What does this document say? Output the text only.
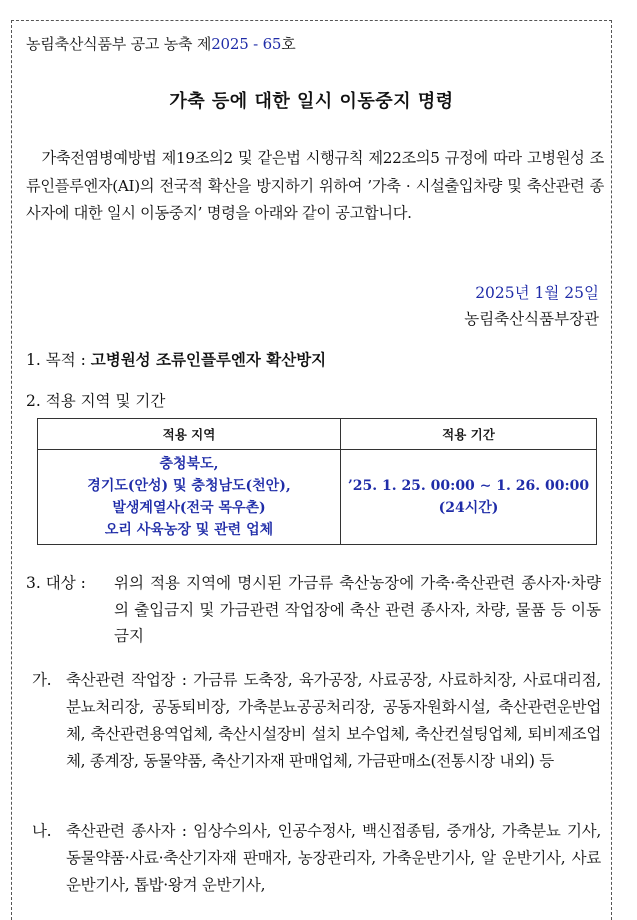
농림축산식품부 공고 농축 제2025 - 65호
가축 등에 대한 일시 이동중지 명령
가축전염병예방법 제19조의2 및 같은법 시행규칙 제22조의5 규정에 따라 고병원성 조류인플루엔자(AI)의 전국적 확산을 방지하기 위하여 ’가축 · 시설출입차량 및 축산관련 종사자에 대한 일시 이동중지’ 명령을 아래와 같이 공고합니다.
2025년 1월 25일
농림축산식품부장관
1. 목적 : 고병원성 조류인플루엔자 확산방지
2. 적용 지역 및 기간
적용 지역	적용 기간

충청북도,
경기도(안성) 및 충청남도(천안),
발생계열사(전국 목우촌)
오리 사육농장 및 관련 업체	’25. 1. 25. 00:00 ∼ 1. 26. 00:00
(24시간)
3. 대상 : 위의 적용 지역에 명시된 가금류 축산농장에 가축·축산관련 종사자·차량의 출입금지 및 가금관련 작업장에 축산 관련 종사자, 차량, 물품 등 이동 금지
가. 축산관련 작업장 : 가금류 도축장, 육가공장, 사료공장, 사료하치장, 사료대리점, 분뇨처리장, 공동퇴비장, 가축분뇨공공처리장, 공동자원화시설, 축산관련운반업체, 축산관련용역업체, 축산시설장비 설치 보수업체, 축산컨설팅업체, 퇴비제조업체, 종계장, 동물약품, 축산기자재 판매업체, 가금판매소(전통시장 내외) 등
나. 축산관련 종사자 : 임상수의사, 인공수정사, 백신접종팀, 중개상, 가축분뇨 기사, 동물약품·사료·축산기자재 판매자, 농장관리자, 가축운반기사, 알 운반기사, 사료운반기사, 톱밥·왕겨 운반기사,
